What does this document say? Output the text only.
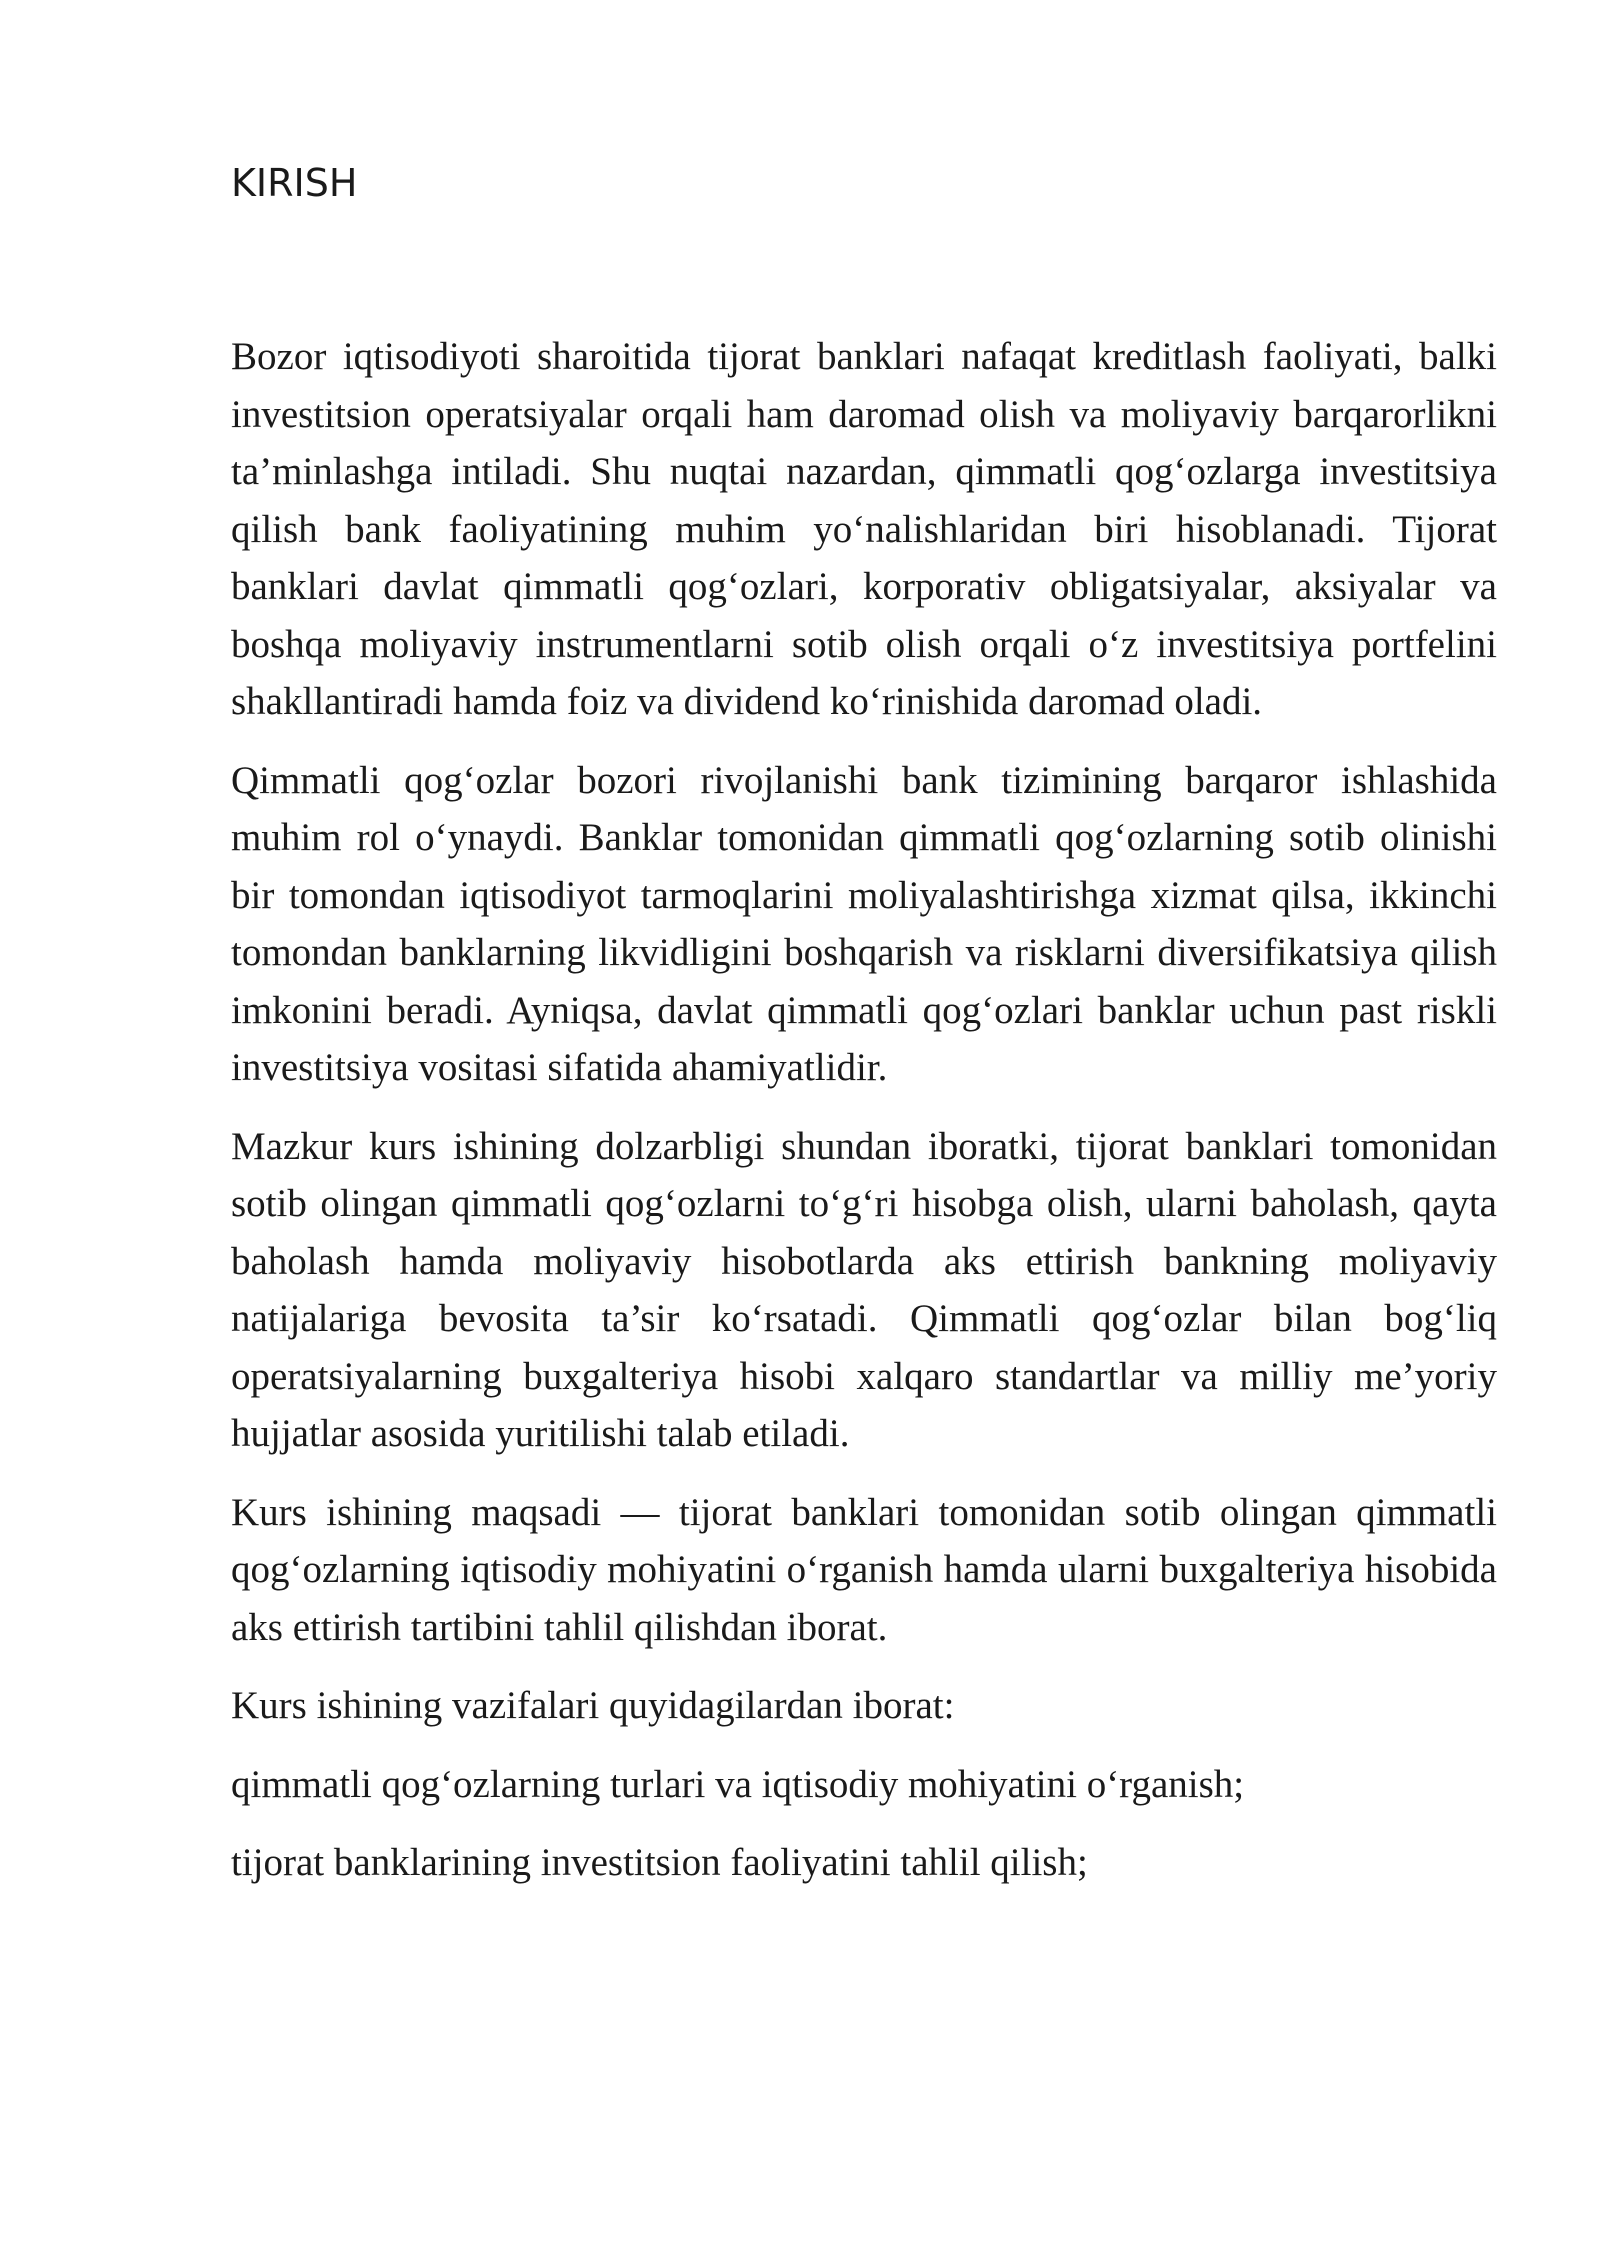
KIRISH

Bozor iqtisodiyoti sharoitida tijorat banklari nafaqat kreditlash faoliyati, balki investitsion operatsiyalar orqali ham daromad olish va moliyaviy barqarorlikni ta’minlashga intiladi. Shu nuqtai nazardan, qimmatli qog‘ozlarga investitsiya qilish bank faoliyatining muhim yo‘nalishlaridan biri hisoblanadi. Tijorat banklari davlat qimmatli qog‘ozlari, korporativ obligatsiyalar, aksiyalar va boshqa moliyaviy instrumentlarni sotib olish orqali o‘z investitsiya portfelini shakllantiradi hamda foiz va dividend ko‘rinishida daromad oladi.

Qimmatli qog‘ozlar bozori rivojlanishi bank tizimining barqaror ishlashida muhim rol o‘ynaydi. Banklar tomonidan qimmatli qog‘ozlarning sotib olinishi bir tomondan iqtisodiyot tarmoqlarini moliyalashtirishga xizmat qilsa, ikkinchi tomondan banklarning likvidligini boshqarish va risklarni diversifikatsiya qilish imkonini beradi. Ayniqsa, davlat qimmatli qog‘ozlari banklar uchun past riskli investitsiya vositasi sifatida ahamiyatlidir.

Mazkur kurs ishining dolzarbligi shundan iboratki, tijorat banklari tomonidan sotib olingan qimmatli qog‘ozlarni to‘g‘ri hisobga olish, ularni baholash, qayta baholash hamda moliyaviy hisobotlarda aks ettirish bankning moliyaviy natijalariga bevosita ta’sir ko‘rsatadi. Qimmatli qog‘ozlar bilan bog‘liq operatsiyalarning buxgalteriya hisobi xalqaro standartlar va milliy me’yoriy hujjatlar asosida yuritilishi talab etiladi.

Kurs ishining maqsadi — tijorat banklari tomonidan sotib olingan qimmatli qog‘ozlarning iqtisodiy mohiyatini o‘rganish hamda ularni buxgalteriya hisobida aks ettirish tartibini tahlil qilishdan iborat.

Kurs ishining vazifalari quyidagilardan iborat:

qimmatli qog‘ozlarning turlari va iqtisodiy mohiyatini o‘rganish;

tijorat banklarining investitsion faoliyatini tahlil qilish;
